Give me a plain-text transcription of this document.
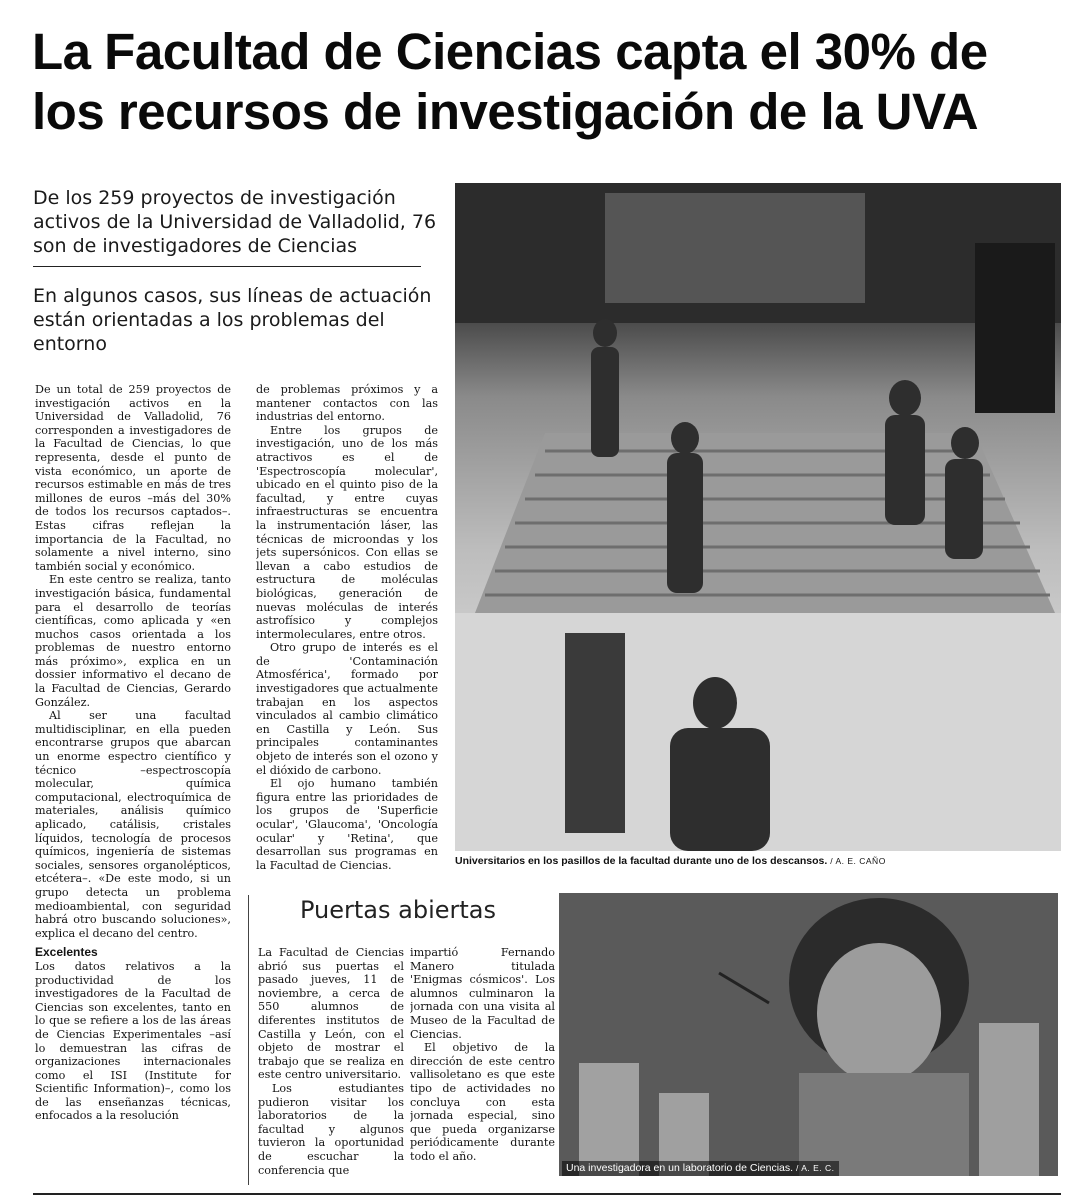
La Facultad de Ciencias capta el 30% de
los recursos de investigación de la UVA
De los 259 proyectos de investigación activos de la Universidad de Valladolid, 76 son de investigadores de Ciencias
En algunos casos, sus líneas de actuación están orientadas a los problemas del entorno

De un total de 259 proyectos de investigación activos en la Universidad de Valladolid, 76 corresponden a investigadores de la Facultad de Ciencias, lo que representa, desde el punto de vista económico, un aporte de recursos estimable en más de tres millones de euros –más del 30% de todos los recursos captados–. Estas cifras reflejan la importancia de la Facultad, no solamente a nivel interno, sino también social y económico.

En este centro se realiza, tanto investigación básica, fundamental para el desarrollo de teorías científicas, como aplicada y «en muchos casos orientada a los problemas de nuestro entorno más próximo», explica en un dossier informativo el decano de la Facultad de Ciencias, Gerardo González.

Al ser una facultad multidisciplinar, en ella pueden encontrarse grupos que abarcan un enorme espectro científico y técnico –espectroscopía molecular, química computacional, electroquímica de materiales, análisis químico aplicado, catálisis, cristales líquidos, tecnología de procesos químicos, ingeniería de sistemas sociales, sensores organolépticos, etcétera–. «De este modo, si un grupo detecta un problema medioambiental, con seguridad habrá otro buscando soluciones», explica el decano del centro.

Excelentes

Los datos relativos a la productividad de los investigadores de la Facultad de Ciencias son excelentes, tanto en lo que se refiere a los de las áreas de Ciencias Experimentales –así lo demuestran las cifras de organizaciones internacionales como el ISI (Institute for Scientific Information)–, como los de las enseñanzas técnicas, enfocados a la resolución

de problemas próximos y a mantener contactos con las industrias del entorno.

Entre los grupos de investigación, uno de los más atractivos es el de 'Espectroscopía molecular', ubicado en el quinto piso de la facultad, y entre cuyas infraestructuras se encuentra la instrumentación láser, las técnicas de microondas y los jets supersónicos. Con ellas se llevan a cabo estudios de estructura de moléculas biológicas, generación de nuevas moléculas de interés astrofísico y complejos intermoleculares, entre otros.

Otro grupo de interés es el de 'Contaminación Atmosférica', formado por investigadores que actualmente trabajan en los aspectos vinculados al cambio climático en Castilla y León. Sus principales contaminantes objeto de interés son el ozono y el dióxido de carbono.

El ojo humano también figura entre las prioridades de los grupos de 'Superficie ocular', 'Glaucoma', 'Oncología ocular' y 'Retina', que desarrollan sus programas en la Facultad de Ciencias.	Universitarios en los pasillos de la facultad durante uno de los descansos. / A. E. CAÑO
Puertas abiertas

La Facultad de Ciencias abrió sus puertas el pasado jueves, 11 de noviembre, a cerca de 550 alumnos de diferentes institutos de Castilla y León, con el objeto de mostrar el trabajo que se realiza en este centro universitario.

Los estudiantes pudieron visitar los laboratorios de la facultad y algunos tuvieron la oportunidad de escuchar la conferencia que

impartió Fernando Manero titulada 'Enigmas cósmicos'. Los alumnos culminaron la jornada con una visita al Museo de la Facultad de Ciencias.

El objetivo de la dirección de este centro vallisoletano es que este tipo de actividades no concluya con esta jornada especial, sino que pueda organizarse periódicamente durante todo el año.

Una investigadora en un laboratorio de Ciencias. / A. E. C.
